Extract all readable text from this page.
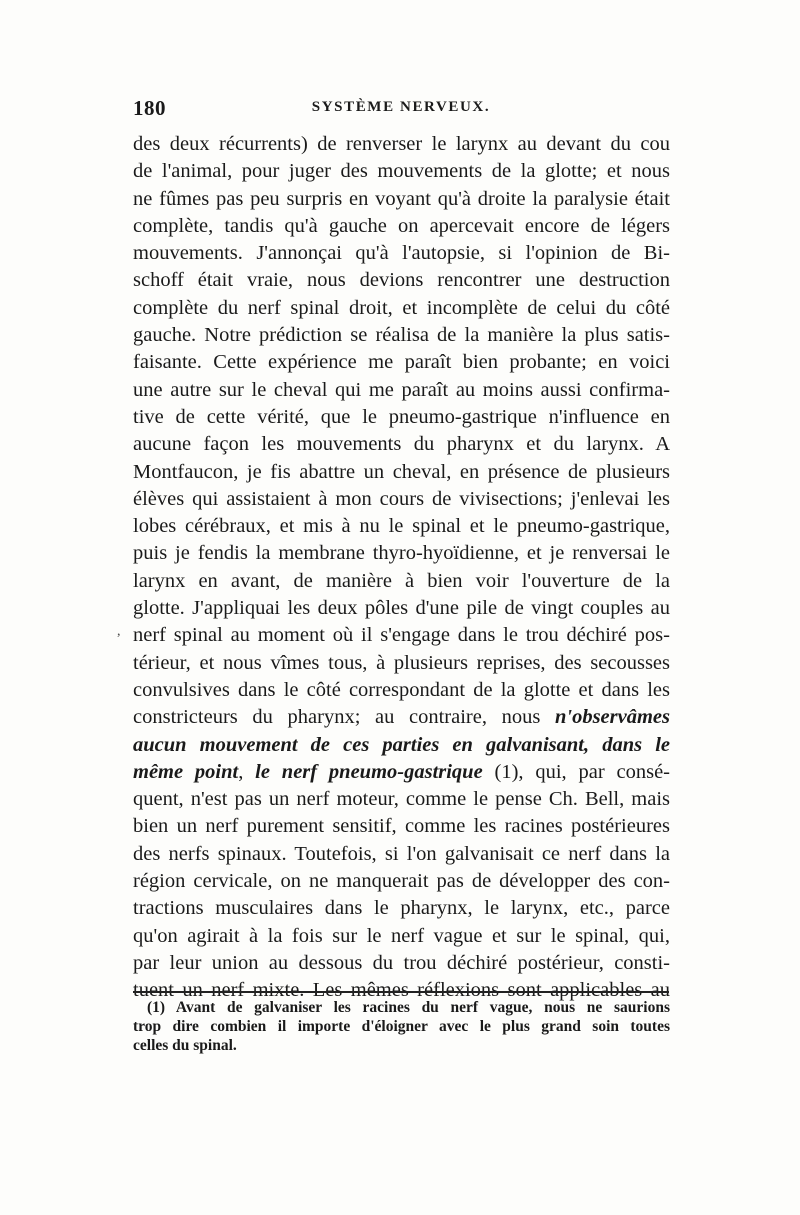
180	SYSTÈME NERVEUX.
,
des deux récurrents) de renverser le larynx au devant du cou
de l'animal, pour juger des mouvements de la glotte; et nous
ne fûmes pas peu surpris en voyant qu'à droite la paralysie était
complète, tandis qu'à gauche on apercevait encore de légers
mouvements. J'annonçai qu'à l'autopsie, si l'opinion de Bi-
schoff était vraie, nous devions rencontrer une destruction
complète du nerf spinal droit, et incomplète de celui du côté
gauche. Notre prédiction se réalisa de la manière la plus satis-
faisante. Cette expérience me paraît bien probante; en voici
une autre sur le cheval qui me paraît au moins aussi confirma-
tive de cette vérité, que le pneumo-gastrique n'influence en
aucune façon les mouvements du pharynx et du larynx. A
Montfaucon, je fis abattre un cheval, en présence de plusieurs
élèves qui assistaient à mon cours de vivisections; j'enlevai les
lobes cérébraux, et mis à nu le spinal et le pneumo-gastrique,
puis je fendis la membrane thyro-hyoïdienne, et je renversai le
larynx en avant, de manière à bien voir l'ouverture de la
glotte. J'appliquai les deux pôles d'une pile de vingt couples au
nerf spinal au moment où il s'engage dans le trou déchiré pos-
térieur, et nous vîmes tous, à plusieurs reprises, des secousses
convulsives dans le côté correspondant de la glotte et dans les
constricteurs du pharynx; au contraire, nous n'observâmes
aucun mouvement de ces parties en galvanisant, dans le
même point, le nerf pneumo-gastrique (1), qui, par consé-
quent, n'est pas un nerf moteur, comme le pense Ch. Bell, mais
bien un nerf purement sensitif, comme les racines postérieures
des nerfs spinaux. Toutefois, si l'on galvanisait ce nerf dans la
région cervicale, on ne manquerait pas de développer des con-
tractions musculaires dans le pharynx, le larynx, etc., parce
qu'on agirait à la fois sur le nerf vague et sur le spinal, qui,
par leur union au dessous du trou déchiré postérieur, consti-
tuent un nerf mixte. Les mêmes réflexions sont applicables au
(1) Avant de galvaniser les racines du nerf vague, nous ne saurions
trop dire combien il importe d'éloigner avec le plus grand soin toutes
celles du spinal.
